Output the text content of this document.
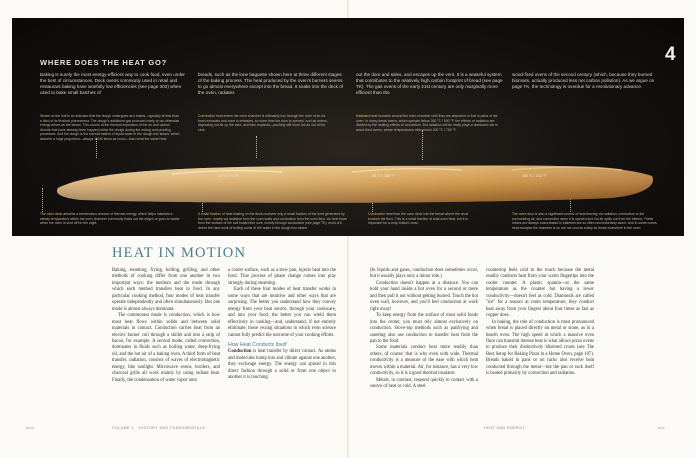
WHERE DOES THE HEAT GO?	4
Baking is surely the most energy-efficient way to cook food, even under the best of circumstances. Deck ovens commonly used in retail and restaurant baking have woefully low efficiencies (see page 303) when used to bake small batches of
breads, such as the lone baguette shown here at three different stages of the baking process. The heat produced by the oven's burners seems to go almost everywhere except into the bread. It soaks into the deck of the oven, radiates
out the door and sides, and escapes up the vent. It is a wasteful system that contributes to the relatively high carbon footprint of bread (see page TK). The gas ovens of the early 21st century are only marginally more efficient than the
wood-fired ovens of the second century (which, because they burned biomass, actually produced less net carbon pollution). As we argue on page TK, the technology is overdue for a revolutionary advance.
Steam on the loaf is an indicator that the dough undergoes as it bakes—typically at less than a third of its finished phenomena. The dough's additional gas produced early on as otherwise energy arises as the steam. This occurs at the thermal expansion of the air and carbon dioxide that have already been trapped within the dough during the mixing and proofing processes. And the dough is the transformation of liquid water in the dough into steam, which absorbs a huge proportion—always 1,000 times as much—than what the same heat.
Convection heat enters the oven chamber is ultimately lost through the oven vent. As fresh exhausts and more is reheated, so more time the door is opened, cool air enters, displacing hot air up the vent, and then expands—pushing still more hot air out of the vent.
Radiated heat bounces around the oven chamber until they are absorbed or lost in parts of the oven. In many bread ovens, which operate below 260 °C / 500 °F, the effects of radiation are divided by the heating effects of convection. But radiation will be really plays a dominant role in wood-fired ovens, where temperatures often reach 400 °C / 750 °F.
23 °C / 73 °F	85 °C / 185 °F	100 °C / 212 °F
The oven deck absorbs a tremendous amount of thermal energy, which helps maintain a steady temperature within the oven chamber but mostly leaks out the edges or goes to waste when the oven is shut off for the night.
A small fraction of heat leaking on the deck receives only a small fraction of the heat generated by the oven, mostly via radiation from the oven walls and conduction from the oven floor. As heat flows from the surface of the loaf toward the core, mostly through conduction (see page TK), most of it drives the hard work of boiling some of the water in the dough into steam.
Conductive heat from the oven deck into the bread where the crust touches the floor. This is a small fraction of total oven heat, but it is important for a crisp bottom crust.
The oven door is also a significant source of heat leaving via radiation, conduction to the surrounding air, and convection when it is opened and hot air spills out from the interior. These losses are always exacerbated in bakeries are so often uncomfortably warm. And in some ovens, heat escapes the chamber is so are not cool as easily as those elsewhere in the oven.
HEAT IN MOTION

Baking, steaming, frying, boiling, grilling, and other methods of cooking differ from one another in two important ways: the medium and the mode through which each method transfers heat to food. In any particular cooking method, four modes of heat transfer operate independently and often simultaneously. But one mode is almost always dominant.

The commonest mode is conduction, which is how most heat flows within solids and between solid materials in contact. Conduction carries heat from an electric burner coil through a skillet and into a strip of bacon, for example. A second mode, called convection, dominates in fluids such as boiling water, deep-frying oil, and the hot air of a baking oven. A third form of heat transfer, radiation, consists of waves of electromagnetic energy, like sunlight. Microwave ovens, broilers, and charcoal grills all work mainly by using radiant heat. Finally, the condensation of water vapor onto

a cooler surface, such as a stew pan, injects heat into the food. That process of phase change comes into play strongly during steaming.

Each of these four modes of heat transfer works in some ways that are intuitive and other ways that are surprising. The better you understand how they convey energy from your heat source, through your cookware, and into your food, the better you can wield them effectively in cooking—and, understand, if not entirely eliminate, those vexing situations in which even science cannot fully predict the outcome of your cooking efforts.

How Heat Conducts Itself

Conduction is heat transfer by direct contact. As atoms and molecules bump into and vibrate against one another, they exchange energy. The energy can spread in this direct fashion through a solid or from one object to another it is touching.

(In liquids and gases, conduction does sometimes occur, but it usually plays only a minor role.)

Conduction doesn't happen at a distance. You can hold your hand inside a hot oven for a second or more and then pull it out without getting burned. Touch the hot oven wall, however, and you'll feel conduction at work right away!

To keep energy from the surface of most solid foods into the center, you must rely almost exclusively on conduction. Stove-top methods such as panfrying and sautéing also use conduction to transfer heat from the pan to the food.

Some materials conduct heat more readily than others, of course; that is why even with wide. Thermal conductivity is a measure of the ease with which heat moves within a material. Air, for instance, has a very low conductivity, so it is a good thermal insulator.

Metals, in contrast, respond quickly to contact with a source of heat or cold. A steel

countertop feels cold to the touch because the metal readily conducts heat from your warm fingertips into the cooler counter. A plastic spatula—at the same temperature as the counter but having a lower conductivity—doesn't feel as cold. Diamonds are called "ice" for a reason: at room temperature, they conduct heat away from your fingers about four times as fast as copper does.

In baking, the role of conduction is most pronounced when bread is placed directly on metal or stone, as in a hearth oven. The high speed at which a massive oven floor can transmit intense heat is what allows pizza ovens to produce their distinctively blistered crusts (see The Best Setup for Baking Pizza in a Home Oven, page 107). Breads baked in pans or on racks also receive heat conducted through the metal—but the pan or rack itself is heated primarily by convection and radiation.

xxiv	VOLUME 1 · HISTORY AND FUNDAMENTALS	HEAT AND ENERGY	xxv
